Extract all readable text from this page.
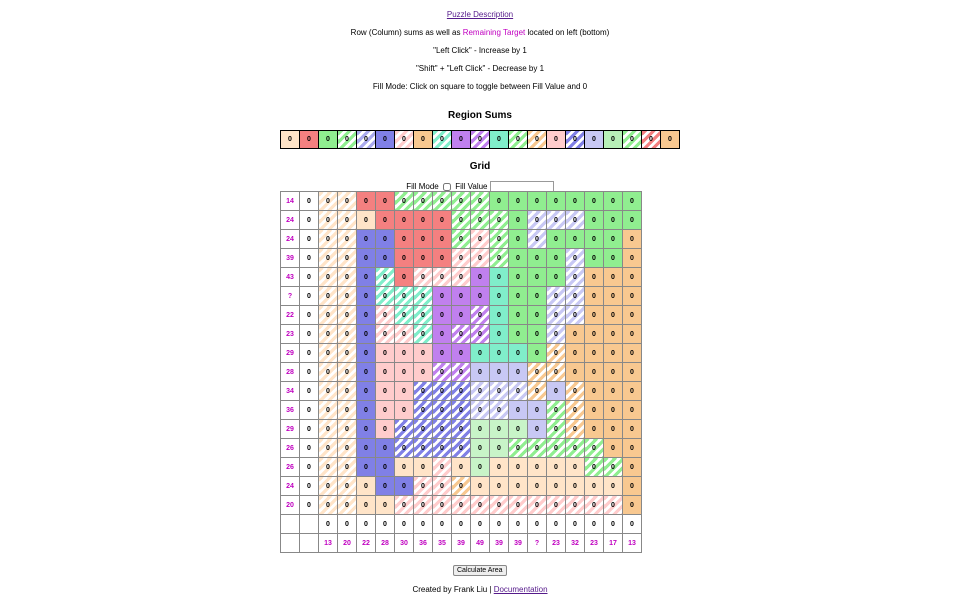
Puzzle Description
Row (Column) sums as well as Remaining Target located on left (bottom)
"Left Click" - Increase by 1
"Shift" + "Left Click" - Decrease by 1
Fill Mode: Click on square to toggle between Fill Value and 0
Region Sums
0	0	0	0	0	0	0	0	0	0	0	0	0	0	0	0	0	0	0	0	0
Grid
Fill Mode Fill Value
14	0	0	0	0	0	0	0	0	0	0	0	0	0	0	0	0	0	0
24	0	0	0	0	0	0	0	0	0	0	0	0	0	0	0	0	0	0
24	0	0	0	0	0	0	0	0	0	0	0	0	0	0	0	0	0	0
39	0	0	0	0	0	0	0	0	0	0	0	0	0	0	0	0	0	0
43	0	0	0	0	0	0	0	0	0	0	0	0	0	0	0	0	0	0
?	0	0	0	0	0	0	0	0	0	0	0	0	0	0	0	0	0	0
22	0	0	0	0	0	0	0	0	0	0	0	0	0	0	0	0	0	0
23	0	0	0	0	0	0	0	0	0	0	0	0	0	0	0	0	0	0
29	0	0	0	0	0	0	0	0	0	0	0	0	0	0	0	0	0	0
28	0	0	0	0	0	0	0	0	0	0	0	0	0	0	0	0	0	0
34	0	0	0	0	0	0	0	0	0	0	0	0	0	0	0	0	0	0
36	0	0	0	0	0	0	0	0	0	0	0	0	0	0	0	0	0	0
29	0	0	0	0	0	0	0	0	0	0	0	0	0	0	0	0	0	0
26	0	0	0	0	0	0	0	0	0	0	0	0	0	0	0	0	0	0
26	0	0	0	0	0	0	0	0	0	0	0	0	0	0	0	0	0	0
24	0	0	0	0	0	0	0	0	0	0	0	0	0	0	0	0	0	0
20	0	0	0	0	0	0	0	0	0	0	0	0	0	0	0	0	0	0
		0	0	0	0	0	0	0	0	0	0	0	0	0	0	0	0	0
		13	20	22	28	30	36	35	39	49	39	39	?	23	32	23	17	13
Calculate Area
Created by Frank Liu | Documentation
